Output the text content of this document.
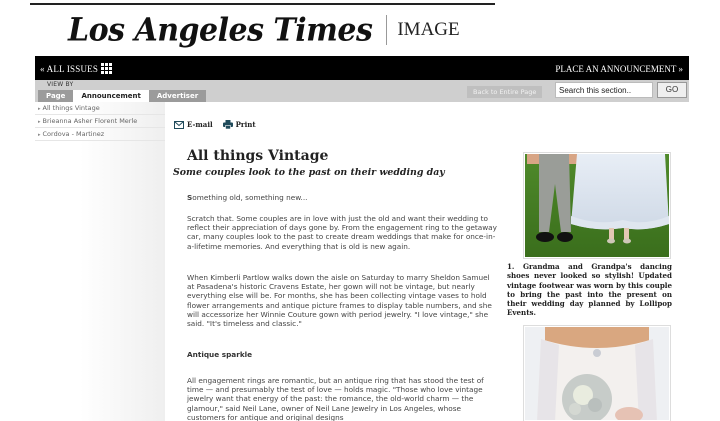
Los Angeles Times IMAGE
« ALL ISSUES	PLACE AN ANNOUNCEMENT »
VIEW BY
Page	Announcement	Advertiser	Back to Entire Page
Search this section..	GO
▸ All things Vintage
▸ Brieanna Asher Florent Merle
▸ Cordova - Martinez
E-mail	Print
All things Vintage
Some couples look to the past on their wedding day

Something old, something new...

Scratch that. Some couples are in love with just the old and want their wedding to reflect their appreciation of days gone by. From the engagement ring to the getaway car, many couples look to the past to create dream weddings that make for once-in-a-lifetime memories. And everything that is old is new again.

When Kimberli Partlow walks down the aisle on Saturday to marry Sheldon Samuel at Pasadena's historic Cravens Estate, her gown will not be vintage, but nearly everything else will be. For months, she has been collecting vintage vases to hold flower arrangements and antique picture frames to display table numbers, and she will accessorize her Winnie Couture gown with period jewelry. "I love vintage," she said. "It's timeless and classic."

Antique sparkle

All engagement rings are romantic, but an antique ring that has stood the test of time — and presumably the test of love — holds magic. "Those who love vintage jewelry want that energy of the past: the romance, the old-world charm — the glamour," said Neil Lane, owner of Neil Lane Jewelry in Los Angeles, whose customers for antique and original designs

1. Grandma and Grandpa's dancing shoes never looked so stylish! Updated vintage footwear was worn by this couple to bring the past into the present on their wedding day planned by Lollipop Events.
